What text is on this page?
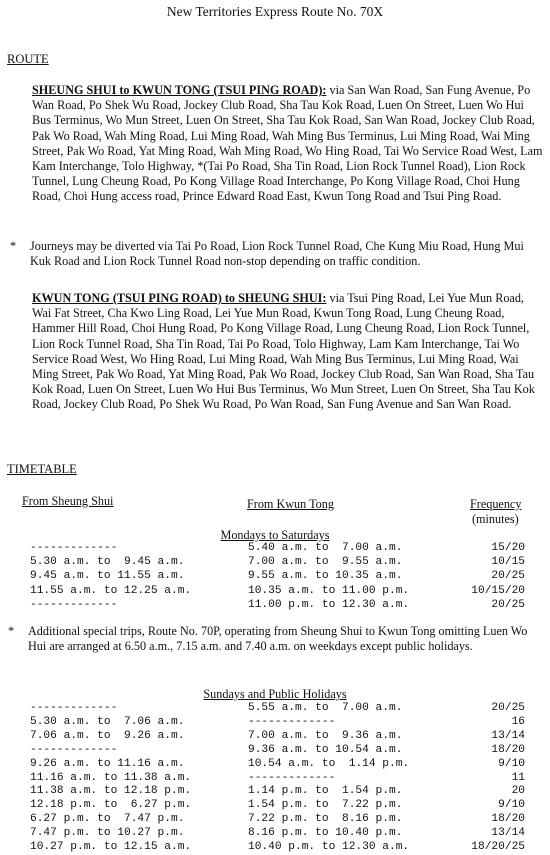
New Territories Express Route No. 70X
ROUTE
SHEUNG SHUI to KWUN TONG (TSUI PING ROAD): via San Wan Road, San Fung Avenue, Po Wan Road, Po Shek Wu Road, Jockey Club Road, Sha Tau Kok Road, Luen On Street, Luen Wo Hui Bus Terminus, Wo Mun Street, Luen On Street, Sha Tau Kok Road, San Wan Road, Jockey Club Road, Pak Wo Road, Wah Ming Road, Lui Ming Road, Wah Ming Bus Terminus, Lui Ming Road, Wai Ming Street, Pak Wo Road, Yat Ming Road, Wah Ming Road, Wo Hing Road, Tai Wo Service Road West, Lam Kam Interchange, Tolo Highway, *(Tai Po Road, Sha Tin Road, Lion Rock Tunnel Road), Lion Rock Tunnel, Lung Cheung Road, Po Kong Village Road Interchange, Po Kong Village Road, Choi Hung Road, Choi Hung access road, Prince Edward Road East, Kwun Tong Road and Tsui Ping Road.
* Journeys may be diverted via Tai Po Road, Lion Rock Tunnel Road, Che Kung Miu Road, Hung Mui Kuk Road and Lion Rock Tunnel Road non-stop depending on traffic condition.
KWUN TONG (TSUI PING ROAD) to SHEUNG SHUI: via Tsui Ping Road, Lei Yue Mun Road, Wai Fat Street, Cha Kwo Ling Road, Lei Yue Mun Road, Kwun Tong Road, Lung Cheung Road, Hammer Hill Road, Choi Hung Road, Po Kong Village Road, Lung Cheung Road, Lion Rock Tunnel, Lion Rock Tunnel Road, Sha Tin Road, Tai Po Road, Tolo Highway, Lam Kam Interchange, Tai Wo Service Road West, Wo Hing Road, Lui Ming Road, Wah Ming Bus Terminus, Lui Ming Road, Wai Ming Street, Pak Wo Road, Yat Ming Road, Pak Wo Road, Jockey Club Road, San Wan Road, Sha Tau Kok Road, Luen On Street, Luen Wo Hui Bus Terminus, Wo Mun Street, Luen On Street, Sha Tau Kok Road, Jockey Club Road, Po Shek Wu Road, Po Wan Road, San Fung Avenue and San Wan Road.
TIMETABLE
From Sheung Shui	From Kwun Tong	Frequency
(minutes)
Mondays to Saturdays
-------------	5.40 a.m. to  7.00 a.m.	15/20
5.30 a.m. to  9.45 a.m.	7.00 a.m. to  9.55 a.m.	10/15
9.45 a.m. to 11.55 a.m.	9.55 a.m. to 10.35 a.m.	20/25
11.55 a.m. to 12.25 a.m.	10.35 a.m. to 11.00 p.m.	10/15/20
-------------	11.00 p.m. to 12.30 a.m.	20/25
* Additional special trips, Route No. 70P, operating from Sheung Shui to Kwun Tong omitting Luen Wo Hui are arranged at 6.50 a.m., 7.15 a.m. and 7.40 a.m. on weekdays except public holidays.
Sundays and Public Holidays
-------------	5.55 a.m. to  7.00 a.m.	20/25
5.30 a.m. to  7.06 a.m.	-------------	16
7.06 a.m. to  9.26 a.m.	7.00 a.m. to  9.36 a.m.	13/14
-------------	9.36 a.m. to 10.54 a.m.	18/20
9.26 a.m. to 11.16 a.m.	10.54 a.m. to  1.14 p.m.	9/10
11.16 a.m. to 11.38 a.m.	-------------	11
11.38 a.m. to 12.18 p.m.	1.14 p.m. to  1.54 p.m.	20
12.18 p.m. to  6.27 p.m.	1.54 p.m. to  7.22 p.m.	9/10
6.27 p.m. to  7.47 p.m.	7.22 p.m. to  8.16 p.m.	18/20
7.47 p.m. to 10.27 p.m.	8.16 p.m. to 10.40 p.m.	13/14
10.27 p.m. to 12.15 a.m.	10.40 p.m. to 12.30 a.m.	18/20/25
